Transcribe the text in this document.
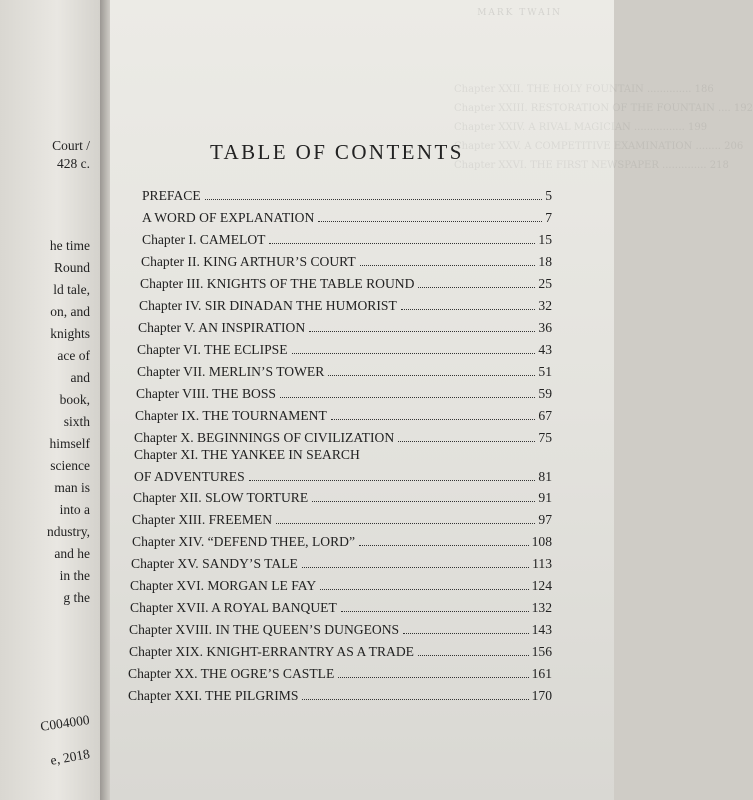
Court /
428 c.
he time
Round
ld tale,
on, and
knights
ace of
and
book,
sixth
himself
science
man is
into a
ndustry,
and he
in the
g the
C004000
e, 2018
MARK TWAIN
Chapter XXII. THE HOLY FOUNTAIN .............. 186
Chapter XXIII. RESTORATION OF THE FOUNTAIN .... 192
Chapter XXIV. A RIVAL MAGICIAN ................ 199
Chapter XXV. A COMPETITIVE EXAMINATION ........ 206
Chapter XXVI. THE FIRST NEWSPAPER .............. 218
TABLE OF CONTENTS
PREFACE	5
A WORD OF EXPLANATION	7
Chapter I. CAMELOT	15
Chapter II. KING ARTHUR’S COURT	18
Chapter III. KNIGHTS OF THE TABLE ROUND	25
Chapter IV. SIR DINADAN THE HUMORIST	32
Chapter V. AN INSPIRATION	36
Chapter VI. THE ECLIPSE	43
Chapter VII. MERLIN’S TOWER	51
Chapter VIII. THE BOSS	59
Chapter IX. THE TOURNAMENT	67
Chapter X. BEGINNINGS OF CIVILIZATION	75
Chapter XI. THE YANKEE IN SEARCH
OF ADVENTURES	81
Chapter XII. SLOW TORTURE	91
Chapter XIII. FREEMEN	97
Chapter XIV. “DEFEND THEE, LORD”	108
Chapter XV. SANDY’S TALE	113
Chapter XVI. MORGAN LE FAY	124
Chapter XVII. A ROYAL BANQUET	132
Chapter XVIII. IN THE QUEEN’S DUNGEONS	143
Chapter XIX. KNIGHT-ERRANTRY AS A TRADE	156
Chapter XX. THE OGRE’S CASTLE	161
Chapter XXI. THE PILGRIMS	170
